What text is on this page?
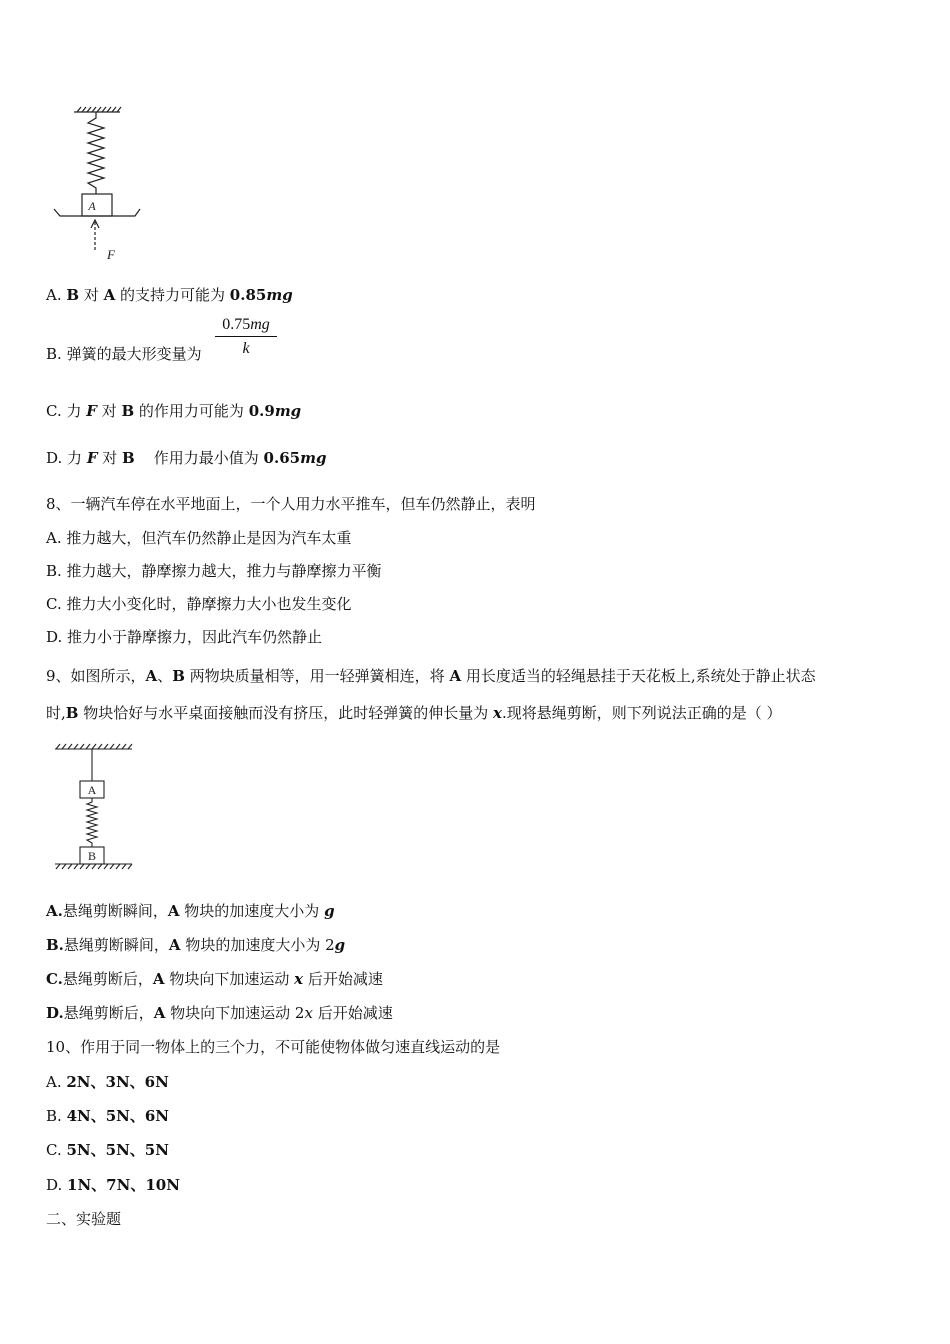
A
F
A. B 对 A 的支持力可能为 0.85mg
B. 弹簧的最大形变量为 $\frac{0.75mg}{k}$
C. 力 F 对 B 的作用力可能为 0.9mg
D. 力 F 对 B    作用力最小值为 0.65mg
8、一辆汽车停在水平地面上，一个人用力水平推车，但车仍然静止，表明
A. 推力越大，但汽车仍然静止是因为汽车太重
B. 推力越大，静摩擦力越大，推力与静摩擦力平衡
C. 推力大小变化时，静摩擦力大小也发生变化
D. 推力小于静摩擦力，因此汽车仍然静止
9、如图所示，A、B 两物块质量相等，用一轻弹簧相连，将 A 用长度适当的轻绳悬挂于天花板上,系统处于静止状态
时,B 物块恰好与水平桌面接触而没有挤压，此时轻弹簧的伸长量为 x.现将悬绳剪断，则下列说法正确的是（ ）
A
B
A.悬绳剪断瞬间，A 物块的加速度大小为 g
B.悬绳剪断瞬间，A 物块的加速度大小为 2g
C.悬绳剪断后，A 物块向下加速运动 x 后开始减速
D.悬绳剪断后，A 物块向下加速运动 2x 后开始减速
10、作用于同一物体上的三个力，不可能使物体做匀速直线运动的是
A. 2N、3N、6N
B. 4N、5N、6N
C. 5N、5N、5N
D. 1N、7N、10N
二、实验题
